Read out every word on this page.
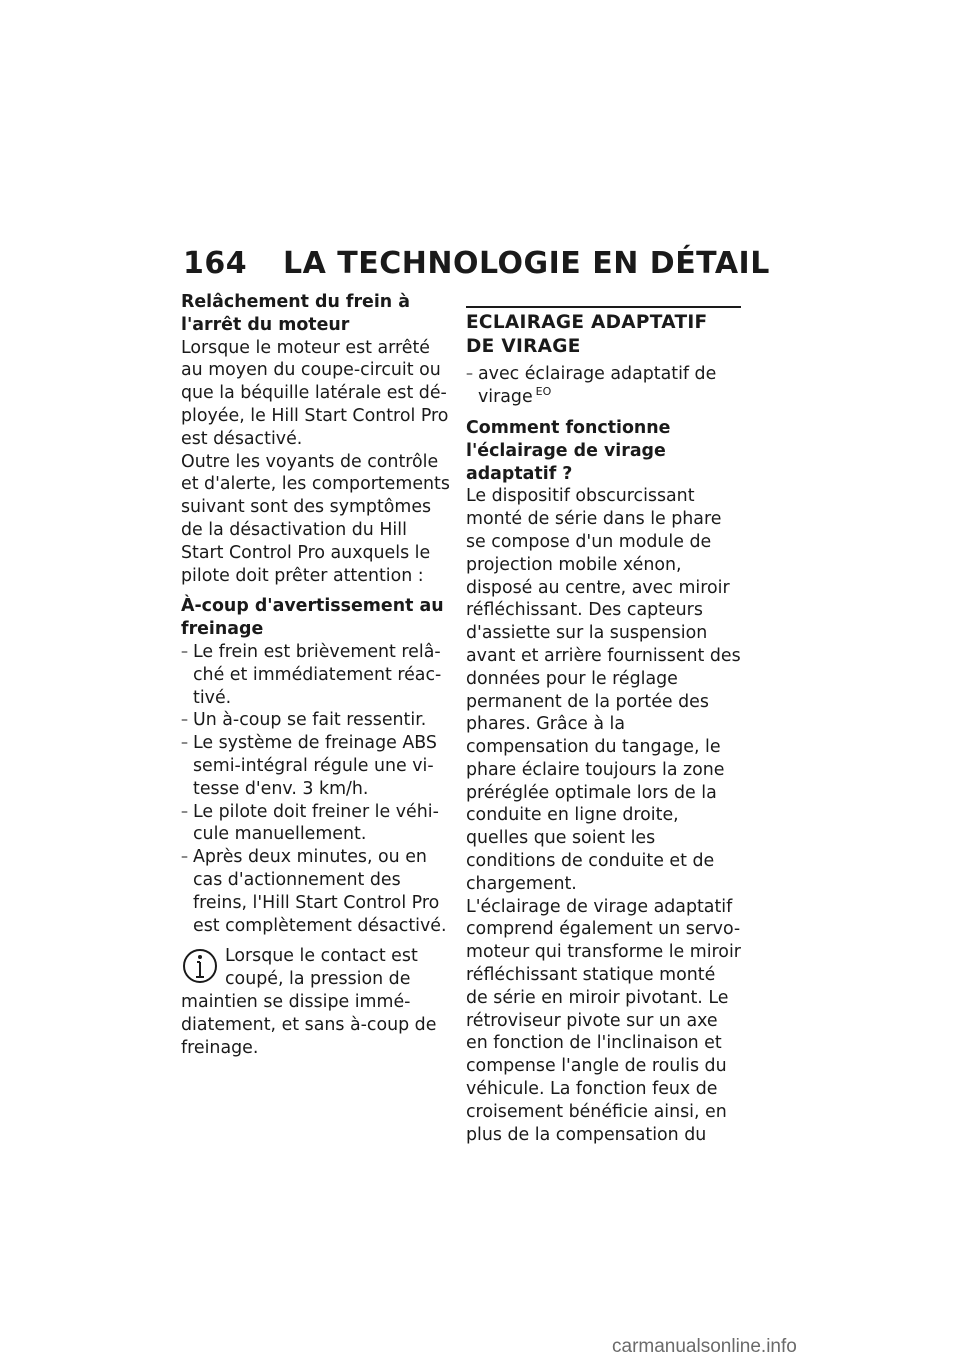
164 LA TECHNOLOGIE EN DÉTAIL
Relâchement du frein à l'arrêt du moteur

Lorsque le moteur est arrêté au moyen du coupe-circuit ou que la béquille latérale est dé-ployée, le Hill Start Control Pro est désactivé.

Outre les voyants de contrôle et d'alerte, les comportements suivant sont des symptômes de la désactivation du Hill Start Control Pro auxquels le pilote doit prêter attention :

À-coup d'avertissement au freinage
– Le frein est brièvement relâ-ché et immédiatement réac-tivé.
– Un à-coup se fait ressentir.
– Le système de freinage ABS semi-intégral régule une vi-tesse d'env. 3 km/h.
– Le pilote doit freiner le véhi-cule manuellement.
– Après deux minutes, ou en cas d'actionnement des freins, l'Hill Start Control Pro est complètement désactivé.

Lorsque le contact est coupé, la pression de maintien se dissipe immé-diatement, et sans à-coup de freinage.

ECLAIRAGE ADAPTATIF DE VIRAGE
– avec éclairage adaptatif de virage $^{EO}$
Comment fonctionne l'éclairage de virage adaptatif ?

Le dispositif obscurcissant monté de série dans le phare se compose d'un module de projection mobile xénon, disposé au centre, avec miroir réfléchissant. Des capteurs d'assiette sur la suspension avant et arrière fournissent des données pour le réglage permanent de la portée des phares. Grâce à la compensation du tangage, le phare éclaire toujours la zone prérégléе optimale lors de la conduite en ligne droite, quelles que soient les conditions de conduite et de chargement.

L'éclairage de virage adaptatif comprend également un servo-moteur qui transforme le miroir réfléchissant statique monté de série en miroir pivotant. Le rétroviseur pivote sur un axe en fonction de l'inclinaison et compense l'angle de roulis du véhicule. La fonction feux de croisement bénéficie ainsi, en plus de la compensation du

carmanualsonline.info
